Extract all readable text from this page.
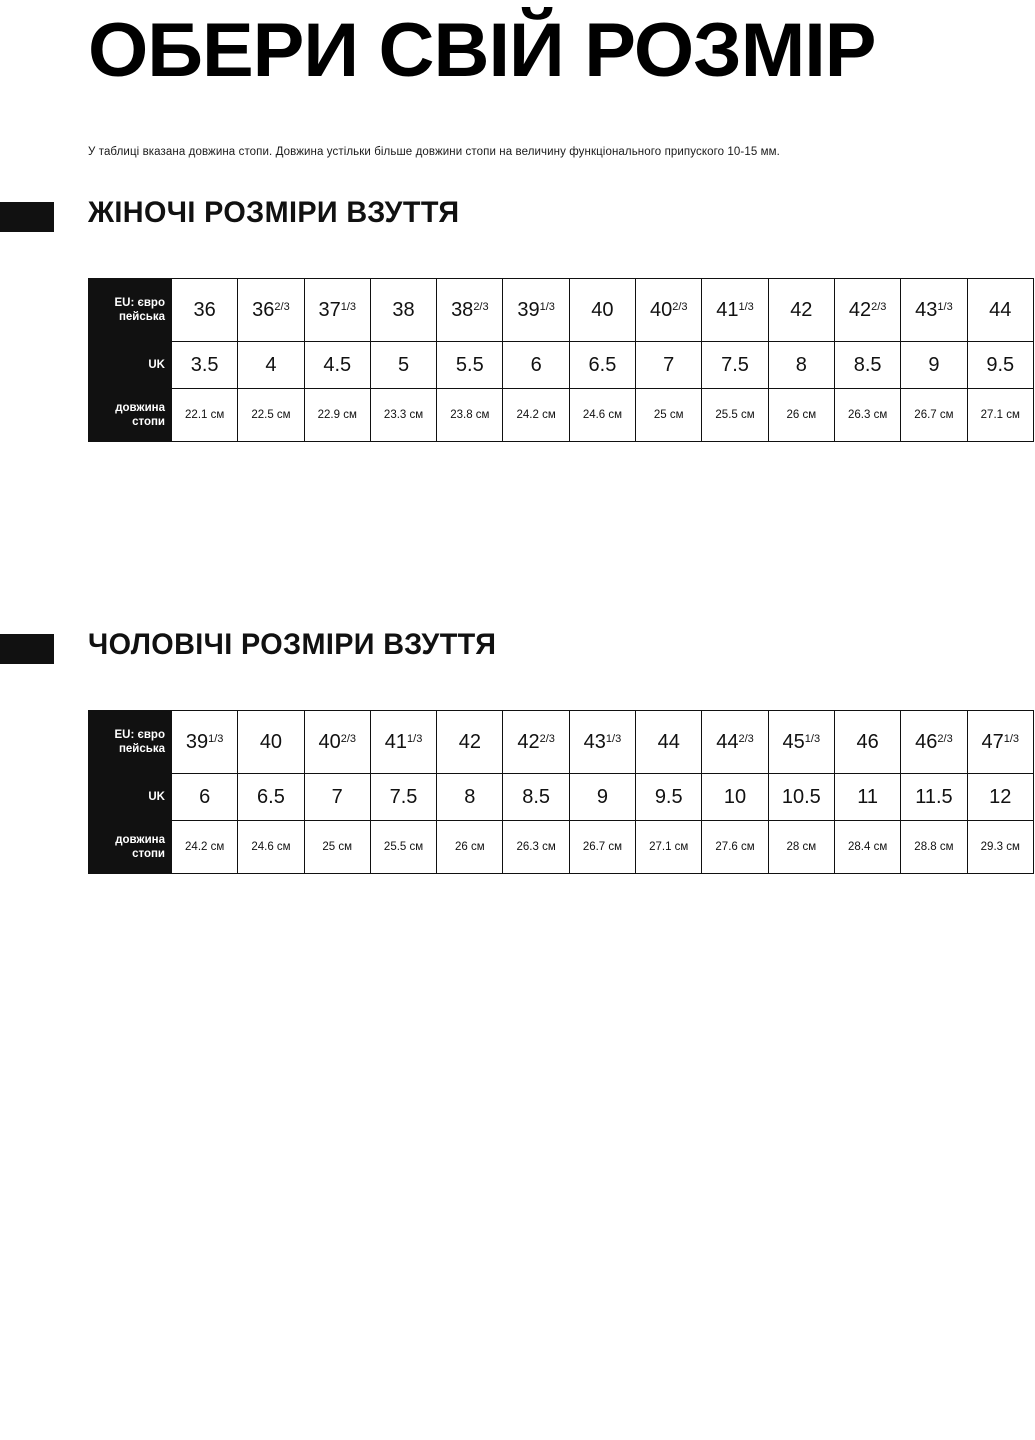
ОБЕРИ СВІЙ РОЗМІР
У таблиці вказана довжина стопи. Довжина устільки більше довжини стопи на величину функціонального припуского 10-15 мм.
ЖІНОЧІ РОЗМІРИ ВЗУТТЯ
EU: євро пейська	36	$36^{2/3}$	$37^{1/3}$	38	$38^{2/3}$	$39^{1/3}$	40	$40^{2/3}$	$41^{1/3}$	42	$42^{2/3}$	$43^{1/3}$	44
UK	3.5	4	4.5	5	5.5	6	6.5	7	7.5	8	8.5	9	9.5
довжина стопи	22.1 см	22.5 см	22.9 см	23.3 см	23.8 см	24.2 см	24.6 см	25 см	25.5 см	26 см	26.3 см	26.7 см	27.1 см
ЧОЛОВІЧІ РОЗМІРИ ВЗУТТЯ
EU: євро пейська	$39^{1/3}$	40	$40^{2/3}$	$41^{1/3}$	42	$42^{2/3}$	$43^{1/3}$	44	$44^{2/3}$	$45^{1/3}$	46	$46^{2/3}$	$47^{1/3}$
UK	6	6.5	7	7.5	8	8.5	9	9.5	10	10.5	11	11.5	12
довжина стопи	24.2 см	24.6 см	25 см	25.5 см	26 см	26.3 см	26.7 см	27.1 см	27.6 см	28 см	28.4 см	28.8 см	29.3 см
